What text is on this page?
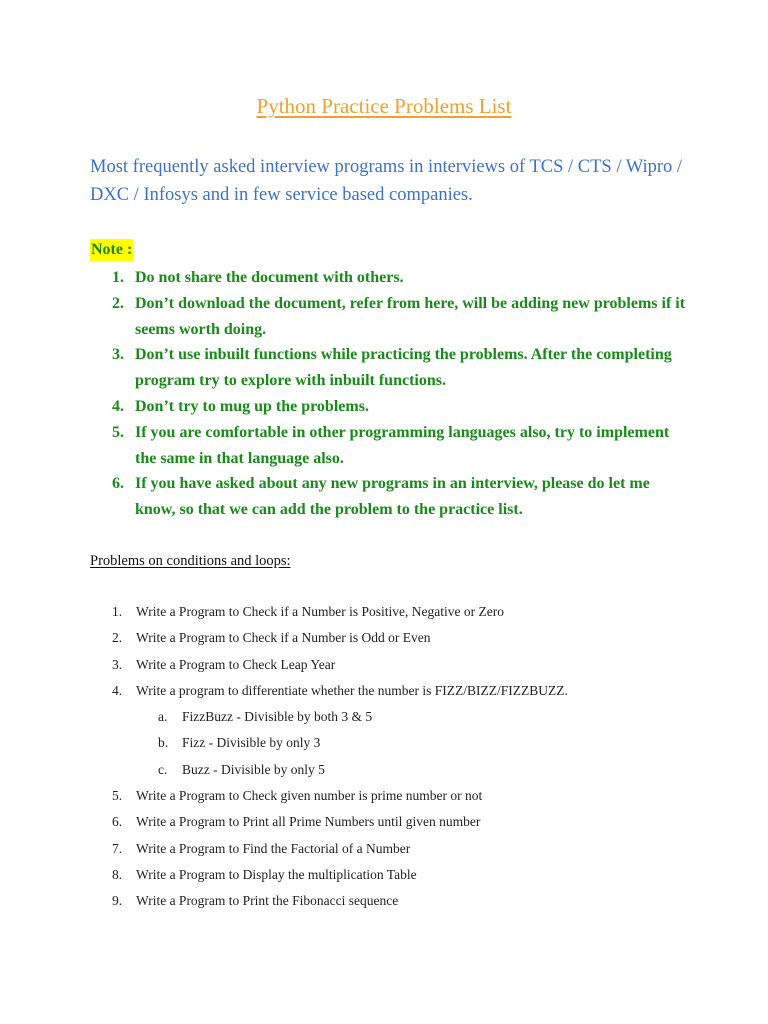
Python Practice Problems List
Most frequently asked interview programs in interviews of TCS / CTS / Wipro / DXC / Infosys and in few service based companies.
Note :
1. Do not share the document with others.
2. Don’t download the document, refer from here, will be adding new problems if it seems worth doing.
3. Don’t use inbuilt functions while practicing the problems. After the completing program try to explore with inbuilt functions.
4. Don’t try to mug up the problems.
5. If you are comfortable in other programming languages also, try to implement the same in that language also.
6. If you have asked about any new programs in an interview, please do let me know, so that we can add the problem to the practice list.
Problems on conditions and loops:
1. Write a Program to Check if a Number is Positive, Negative or Zero
2. Write a Program to Check if a Number is Odd or Even
3. Write a Program to Check Leap Year
4. Write a program to differentiate whether the number is FIZZ/BIZZ/FIZZBUZZ.
a. FizzBuzz - Divisible by both 3 & 5
b. Fizz - Divisible by only 3
c. Buzz - Divisible by only 5
5. Write a Program to Check given number is prime number or not
6. Write a Program to Print all Prime Numbers until given number
7. Write a Program to Find the Factorial of a Number
8. Write a Program to Display the multiplication Table
9. Write a Program to Print the Fibonacci sequence
